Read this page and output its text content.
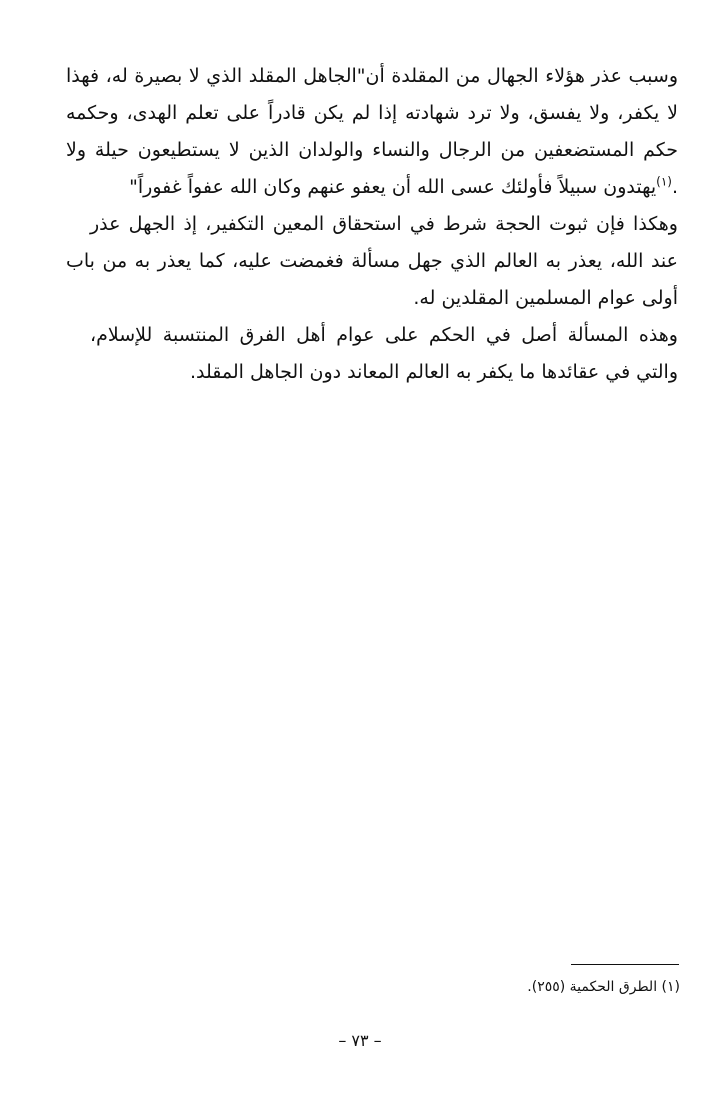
وسبب عذر هؤلاء الجهال من المقلدة أن"الجاهل المقلد الذي لا بصيرة له، فهذا لا يكفر، ولا يفسق، ولا ترد شهادته إذا لم يكن قادراً على تعلم الهدى، وحكمه حكم المستضعفين من الرجال والنساء والولدان الذين لا يستطيعون حيلة ولا يهتدون سبيلاً فأولئك عسى الله أن يعفو عنهم وكان الله عفواً غفوراً"$^{(١)}$.

وهكذا فإن ثبوت الحجة شرط في استحقاق المعين التكفير، إذ الجهل عذر عند الله، يعذر به العالم الذي جهل مسألة فغمضت عليه، كما يعذر به من باب أولى عوام المسلمين المقلدين له.

وهذه المسألة أصل في الحكم على عوام أهل الفرق المنتسبة للإسلام، والتي في عقائدها ما يكفر به العالم المعاند دون الجاهل المقلد.

(١) الطرق الحكمية (٢٥٥).
– ٧٣ –
